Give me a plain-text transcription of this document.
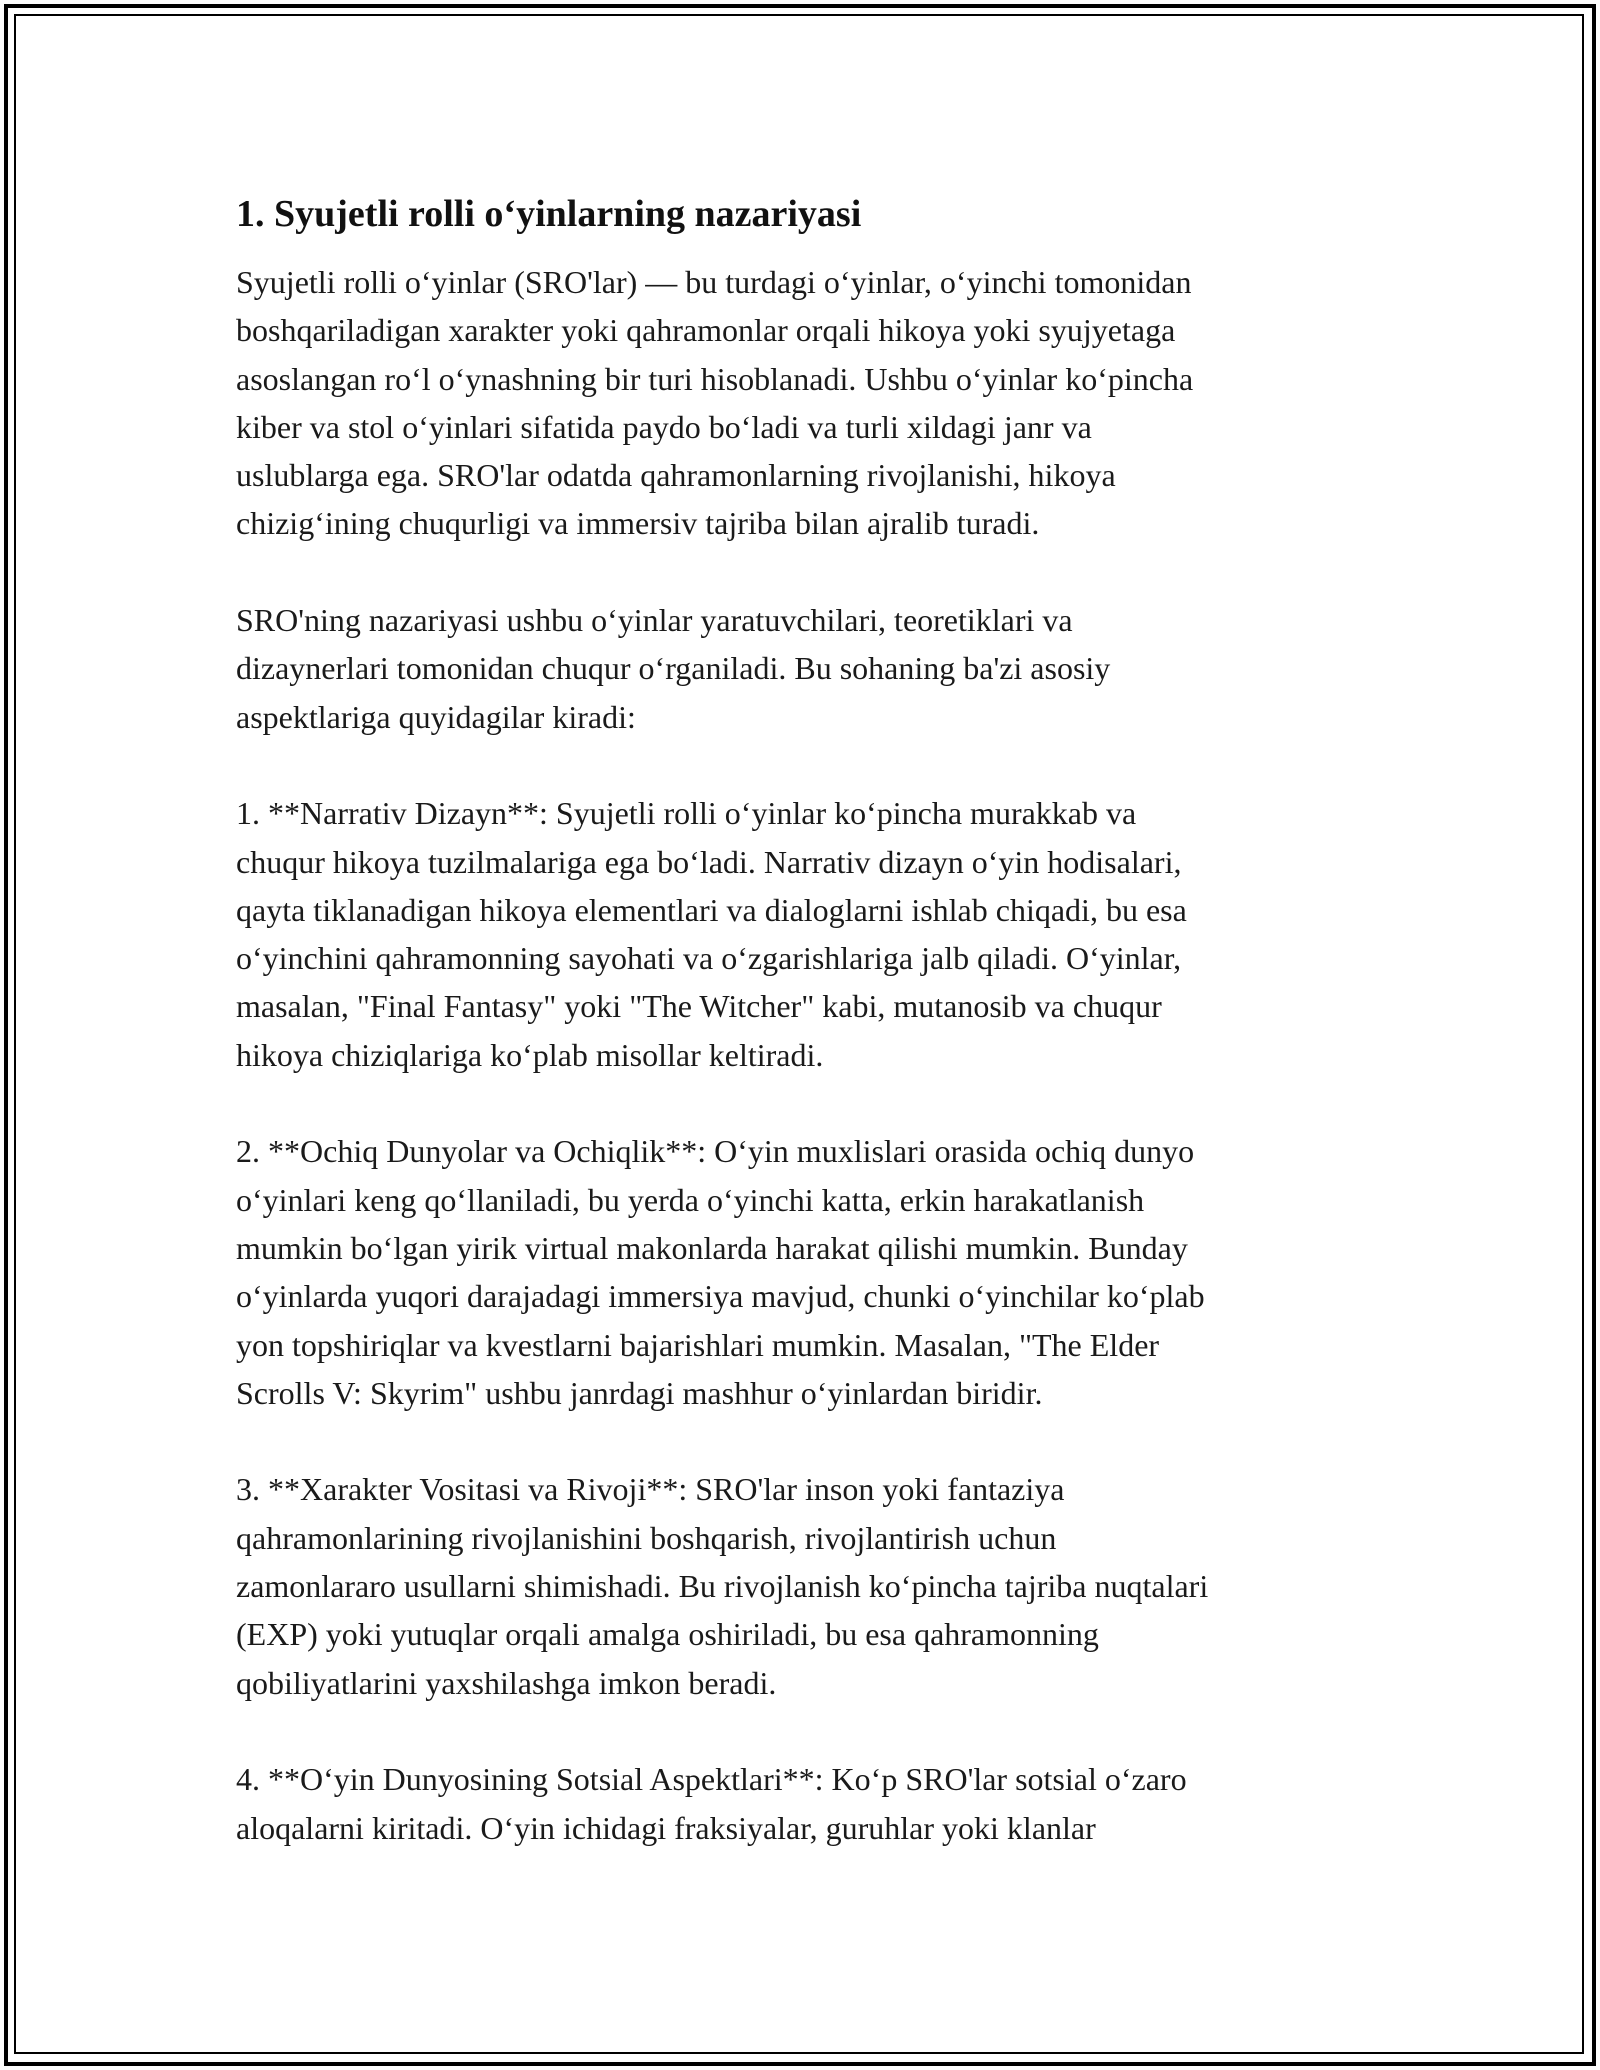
1. Syujetli rolli o‘yinlarning nazariyasi

Syujetli rolli o‘yinlar (SRO'lar) — bu turdagi o‘yinlar, o‘yinchi tomonidan
boshqariladigan xarakter yoki qahramonlar orqali hikoya yoki syujyetaga
asoslangan ro‘l o‘ynashning bir turi hisoblanadi. Ushbu o‘yinlar ko‘pincha
kiber va stol o‘yinlari sifatida paydo bo‘ladi va turli xildagi janr va
uslublarga ega. SRO'lar odatda qahramonlarning rivojlanishi, hikoya
chizig‘ining chuqurligi va immersiv tajriba bilan ajralib turadi.

SRO'ning nazariyasi ushbu o‘yinlar yaratuvchilari, teoretiklari va
dizaynerlari tomonidan chuqur o‘rganiladi. Bu sohaning ba'zi asosiy
aspektlariga quyidagilar kiradi:

1. **Narrativ Dizayn**: Syujetli rolli o‘yinlar ko‘pincha murakkab va
chuqur hikoya tuzilmalariga ega bo‘ladi. Narrativ dizayn o‘yin hodisalari,
qayta tiklanadigan hikoya elementlari va dialoglarni ishlab chiqadi, bu esa
o‘yinchini qahramonning sayohati va o‘zgarishlariga jalb qiladi. O‘yinlar,
masalan, "Final Fantasy" yoki "The Witcher" kabi, mutanosib va chuqur
hikoya chiziqlariga ko‘plab misollar keltiradi.

2. **Ochiq Dunyolar va Ochiqlik**: O‘yin muxlislari orasida ochiq dunyo
o‘yinlari keng qo‘llaniladi, bu yerda o‘yinchi katta, erkin harakatlanish
mumkin bo‘lgan yirik virtual makonlarda harakat qilishi mumkin. Bunday
o‘yinlarda yuqori darajadagi immersiya mavjud, chunki o‘yinchilar ko‘plab
yon topshiriqlar va kvestlarni bajarishlari mumkin. Masalan, "The Elder
Scrolls V: Skyrim" ushbu janrdagi mashhur o‘yinlardan biridir.

3. **Xarakter Vositasi va Rivoji**: SRO'lar inson yoki fantaziya
qahramonlarining rivojlanishini boshqarish, rivojlantirish uchun
zamonlararo usullarni shimishadi. Bu rivojlanish ko‘pincha tajriba nuqtalari
(EXP) yoki yutuqlar orqali amalga oshiriladi, bu esa qahramonning
qobiliyatlarini yaxshilashga imkon beradi.

4. **O‘yin Dunyosining Sotsial Aspektlari**: Ko‘p SRO'lar sotsial o‘zaro
aloqalarni kiritadi. O‘yin ichidagi fraksiyalar, guruhlar yoki klanlar
